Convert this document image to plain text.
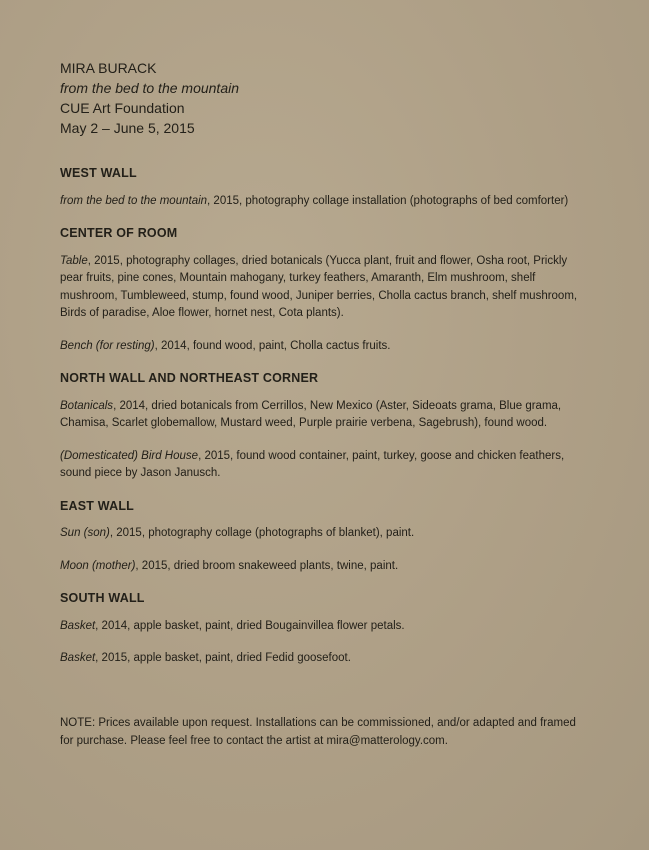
MIRA BURACK
from the bed to the mountain
CUE Art Foundation
May 2 – June 5, 2015
WEST WALL
from the bed to the mountain, 2015, photography collage installation (photographs of bed comforter)
CENTER OF ROOM
Table, 2015, photography collages, dried botanicals (Yucca plant, fruit and flower, Osha root, Prickly pear fruits, pine cones, Mountain mahogany, turkey feathers, Amaranth, Elm mushroom, shelf mushroom, Tumbleweed, stump, found wood, Juniper berries, Cholla cactus branch, shelf mushroom, Birds of paradise, Aloe flower, hornet nest, Cota plants).
Bench (for resting), 2014, found wood, paint, Cholla cactus fruits.
NORTH WALL AND NORTHEAST CORNER
Botanicals, 2014, dried botanicals from Cerrillos, New Mexico (Aster, Sideoats grama, Blue grama, Chamisa, Scarlet globemallow, Mustard weed, Purple prairie verbena, Sagebrush), found wood.
(Domesticated) Bird House, 2015, found wood container, paint, turkey, goose and chicken feathers, sound piece by Jason Janusch.
EAST WALL
Sun (son), 2015, photography collage (photographs of blanket), paint.
Moon (mother), 2015, dried broom snakeweed plants, twine, paint.
SOUTH WALL
Basket, 2014, apple basket, paint, dried Bougainvillea flower petals.
Basket, 2015, apple basket, paint, dried Fedid goosefoot.
NOTE: Prices available upon request. Installations can be commissioned, and/or adapted and framed for purchase. Please feel free to contact the artist at mira@matterology.com.
